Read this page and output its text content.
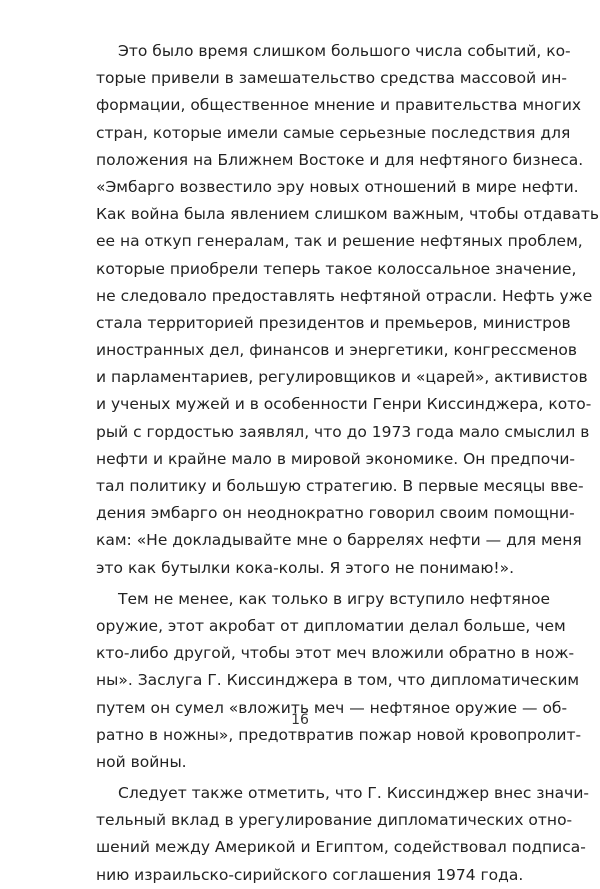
Это было время слишком большого числа событий, ко-
торые привели в замешательство средства массовой ин-
формации, общественное мнение и правительства многих
стран, которые имели самые серьезные последствия для
положения на Ближнем Востоке и для нефтяного бизнеса.
«Эмбарго возвестило эру новых отношений в мире нефти.
Как война была явлением слишком важным, чтобы отдавать
ее на откуп генералам, так и решение нефтяных проблем,
которые приобрели теперь такое колоссальное значение,
не следовало предоставлять нефтяной отрасли. Нефть уже
стала территорией президентов и премьеров, министров
иностранных дел, финансов и энергетики, конгрессменов
и парламентариев, регулировщиков и «царей», активистов
и ученых мужей и в особенности Генри Киссинджера, кото-
рый с гордостью заявлял, что до 1973 года мало смыслил в
нефти и крайне мало в мировой экономике. Он предпочи-
тал политику и большую стратегию. В первые месяцы вве-
дения эмбарго он неоднократно говорил своим помощни-
кам: «Не докладывайте мне о баррелях нефти — для меня
это как бутылки кока-колы. Я этого не понимаю!».
Тем не менее, как только в игру вступило нефтяное
оружие, этот акробат от дипломатии делал больше, чем
кто-либо другой, чтобы этот меч вложили обратно в нож-
ны». Заслуга Г. Киссинджера в том, что дипломатическим
путем он сумел «вложить меч — нефтяное оружие — об-
ратно в ножны», предотвратив пожар новой кровопролит-
ной войны.
Следует также отметить, что Г. Киссинджер внес значи-
тельный вклад в урегулирование дипломатических отно-
шений между Америкой и Египтом, содействовал подписа-
нию израильско-сирийского соглашения 1974 года.
16
